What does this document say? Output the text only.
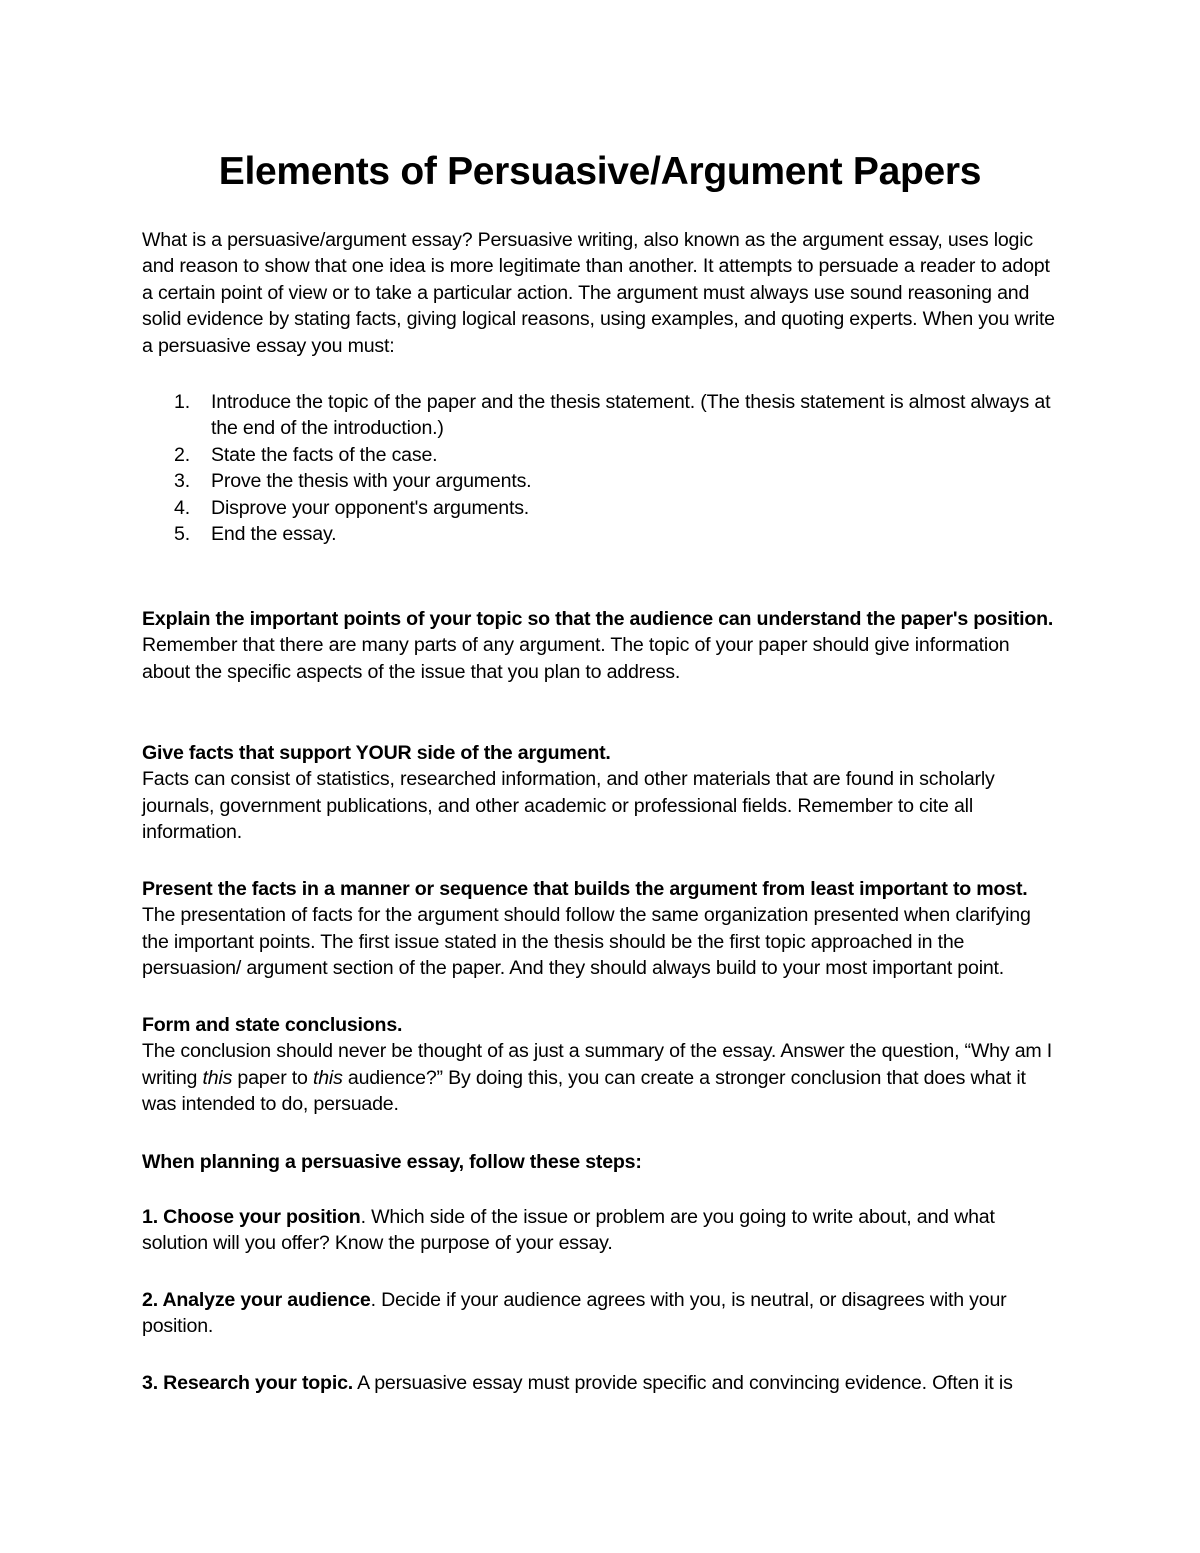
Elements of Persuasive/Argument Papers

What is a persuasive/argument essay? Persuasive writing, also known as the argument essay, uses logic and reason to show that one idea is more legitimate than another. It attempts to persuade a reader to adopt a certain point of view or to take a particular action. The argument must always use sound reasoning and solid evidence by stating facts, giving logical reasons, using examples, and quoting experts. When you write a persuasive essay you must:

1. Introduce the topic of the paper and the thesis statement. (The thesis statement is almost always at the end of the introduction.)
2. State the facts of the case.
3. Prove the thesis with your arguments.
4. Disprove your opponent's arguments.
5. End the essay.
Explain the important points of your topic so that the audience can understand the paper's position.
Remember that there are many parts of any argument. The topic of your paper should give information about the specific aspects of the issue that you plan to address.
Give facts that support YOUR side of the argument.
Facts can consist of statistics, researched information, and other materials that are found in scholarly journals, government publications, and other academic or professional fields. Remember to cite all information.
Present the facts in a manner or sequence that builds the argument from least important to most.
The presentation of facts for the argument should follow the same organization presented when clarifying the important points. The first issue stated in the thesis should be the first topic approached in the persuasion/ argument section of the paper. And they should always build to your most important point.
Form and state conclusions.
The conclusion should never be thought of as just a summary of the essay. Answer the question, “Why am I writing this paper to this audience?” By doing this, you can create a stronger conclusion that does what it was intended to do, persuade.

When planning a persuasive essay, follow these steps:

1. Choose your position. Which side of the issue or problem are you going to write about, and what solution will you offer? Know the purpose of your essay.

2. Analyze your audience. Decide if your audience agrees with you, is neutral, or disagrees with your position.

3. Research your topic. A persuasive essay must provide specific and convincing evidence. Often it is
